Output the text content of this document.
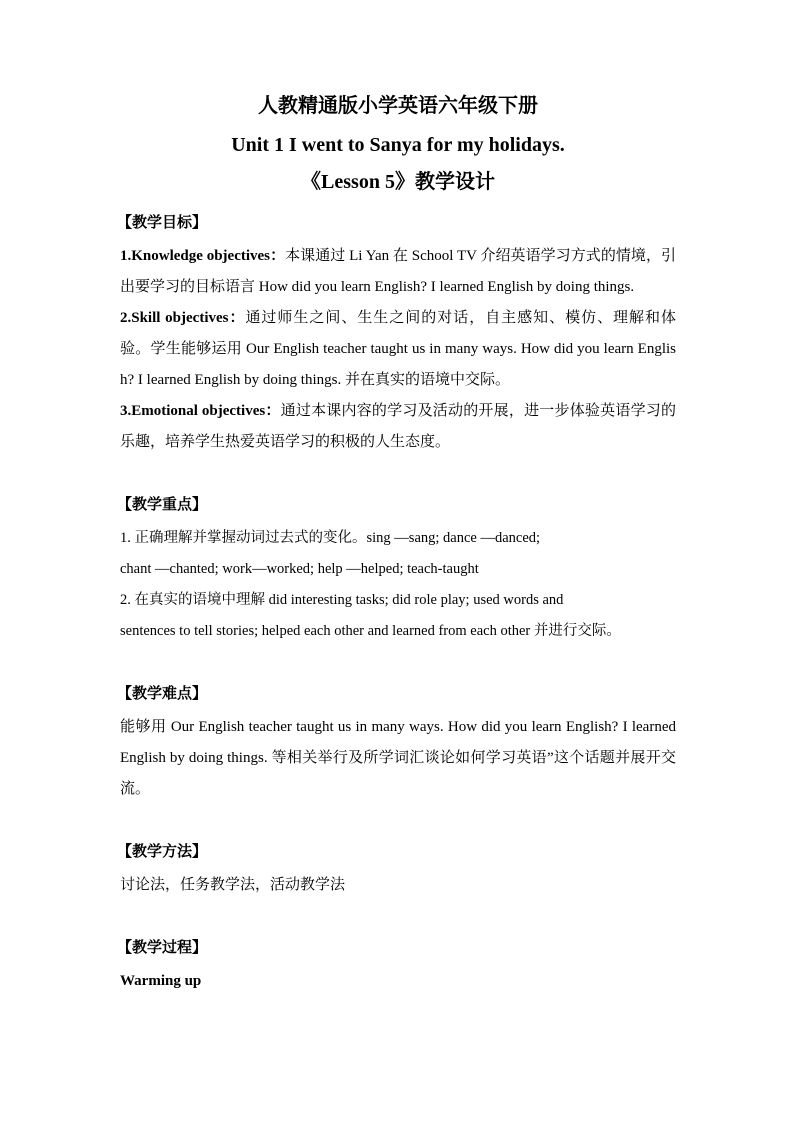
人教精通版小学英语六年级下册
Unit 1 I went to Sanya for my holidays.
《Lesson 5》教学设计
【教学目标】
1.Knowledge objectives：本课通过 Li Yan 在 School TV 介绍英语学习方式的情境，引出要学习的目标语言 How did you learn English? I learned English by doing things.
2.Skill objectives：通过师生之间、生生之间的对话，自主感知、模仿、理解和体验。学生能够运用 Our English teacher taught us in many ways. How did you learn English? I learned English by doing things. 并在真实的语境中交际。
3.Emotional objectives：通过本课内容的学习及活动的开展，进一步体验英语学习的乐趣，培养学生热爱英语学习的积极的人生态度。
【教学重点】
1. 正确理解并掌握动词过去式的变化。sing —sang; dance —danced;
chant —chanted; work—worked; help —helped; teach-taught
2. 在真实的语境中理解 did interesting tasks; did role play; used words and
sentences to tell stories; helped each other and learned from each other 并进行交际。
【教学难点】
能够用 Our English teacher taught us in many ways. How did you learn English? I learned English by doing things. 等相关举行及所学词汇谈论如何学习英语”这个话题并展开交流。
【教学方法】
讨论法，任务教学法，活动教学法
【教学过程】
Warming up
